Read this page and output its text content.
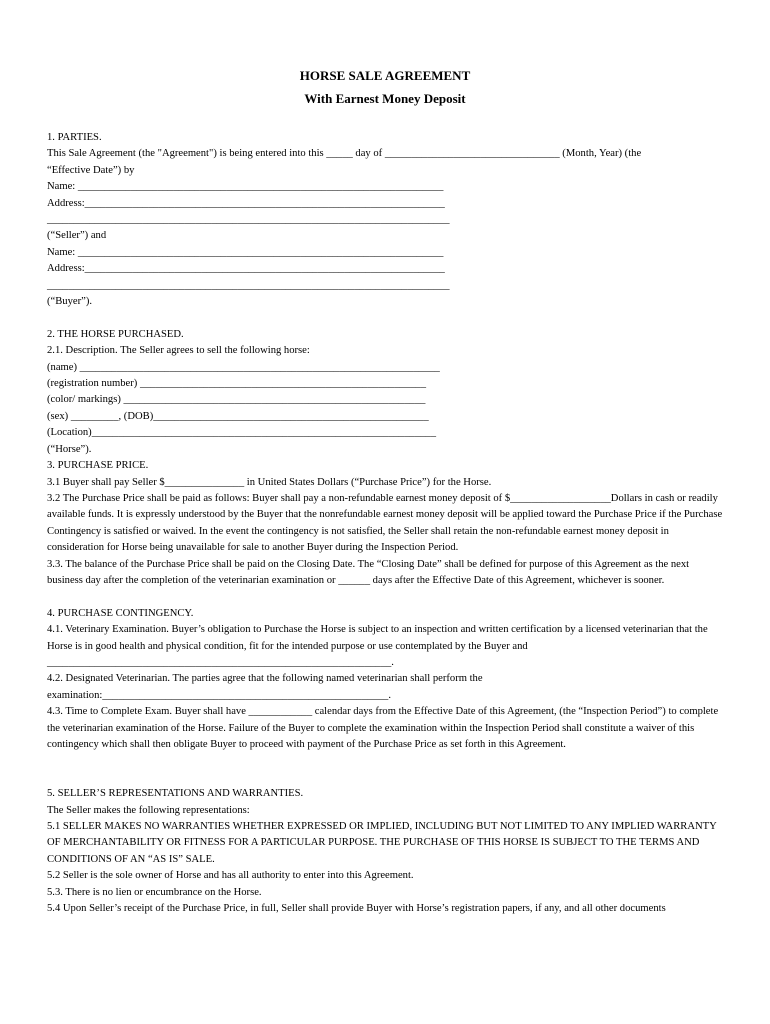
HORSE SALE AGREEMENT
With Earnest Money Deposit

1. PARTIES.

This Sale Agreement (the "Agreement") is being entered into this _____ day of _________________________________ (Month, Year) (the

“Effective Date”) by

Name: _____________________________________________________________________

Address:____________________________________________________________________

____________________________________________________________________________

(“Seller”) and

Name: _____________________________________________________________________

Address:____________________________________________________________________

____________________________________________________________________________

(“Buyer”).

2. THE HORSE PURCHASED.

2.1. Description. The Seller agrees to sell the following horse:

(name) ____________________________________________________________________

(registration number) ______________________________________________________

(color/ markings) _________________________________________________________

(sex) _________, (DOB)____________________________________________________

(Location)_________________________________________________________________

(“Horse”).

3. PURCHASE PRICE.

3.1 Buyer shall pay Seller $_______________ in United States Dollars (“Purchase Price”) for the Horse.

3.2 The Purchase Price shall be paid as follows: Buyer shall pay a non-refundable earnest money deposit of $___________________Dollars in cash or readily available funds. It is expressly understood by the Buyer that the nonrefundable earnest money deposit will be applied toward the Purchase Price if the Purchase Contingency is satisfied or waived. In the event the contingency is not satisfied, the Seller shall retain the non-refundable earnest money deposit in consideration for Horse being unavailable for sale to another Buyer during the Inspection Period.

3.3. The balance of the Purchase Price shall be paid on the Closing Date. The “Closing Date” shall be defined for purpose of this Agreement as the next business day after the completion of the veterinarian examination or ______ days after the Effective Date of this Agreement, whichever is sooner.

4. PURCHASE CONTINGENCY.

4.1. Veterinary Examination. Buyer’s obligation to Purchase the Horse is subject to an inspection and written certification by a licensed veterinarian that the Horse is in good health and physical condition, fit for the intended purpose or use contemplated by the Buyer and

_________________________________________________________________.

4.2. Designated Veterinarian. The parties agree that the following named veterinarian shall perform the

examination:______________________________________________________.

4.3. Time to Complete Exam. Buyer shall have ____________ calendar days from the Effective Date of this Agreement, (the “Inspection Period”) to complete the veterinarian examination of the Horse. Failure of the Buyer to complete the examination within the Inspection Period shall constitute a waiver of this contingency which shall then obligate Buyer to proceed with payment of the Purchase Price as set forth in this Agreement.

5. SELLER’S REPRESENTATIONS AND WARRANTIES.

The Seller makes the following representations:

5.1 SELLER MAKES NO WARRANTIES WHETHER EXPRESSED OR IMPLIED, INCLUDING BUT NOT LIMITED TO ANY IMPLIED WARRANTY OF MERCHANTABILITY OR FITNESS FOR A PARTICULAR PURPOSE. THE PURCHASE OF THIS HORSE IS SUBJECT TO THE TERMS AND CONDITIONS OF AN “AS IS” SALE.

5.2 Seller is the sole owner of Horse and has all authority to enter into this Agreement.

5.3. There is no lien or encumbrance on the Horse.

5.4 Upon Seller’s receipt of the Purchase Price, in full, Seller shall provide Buyer with Horse’s registration papers, if any, and all other documents
